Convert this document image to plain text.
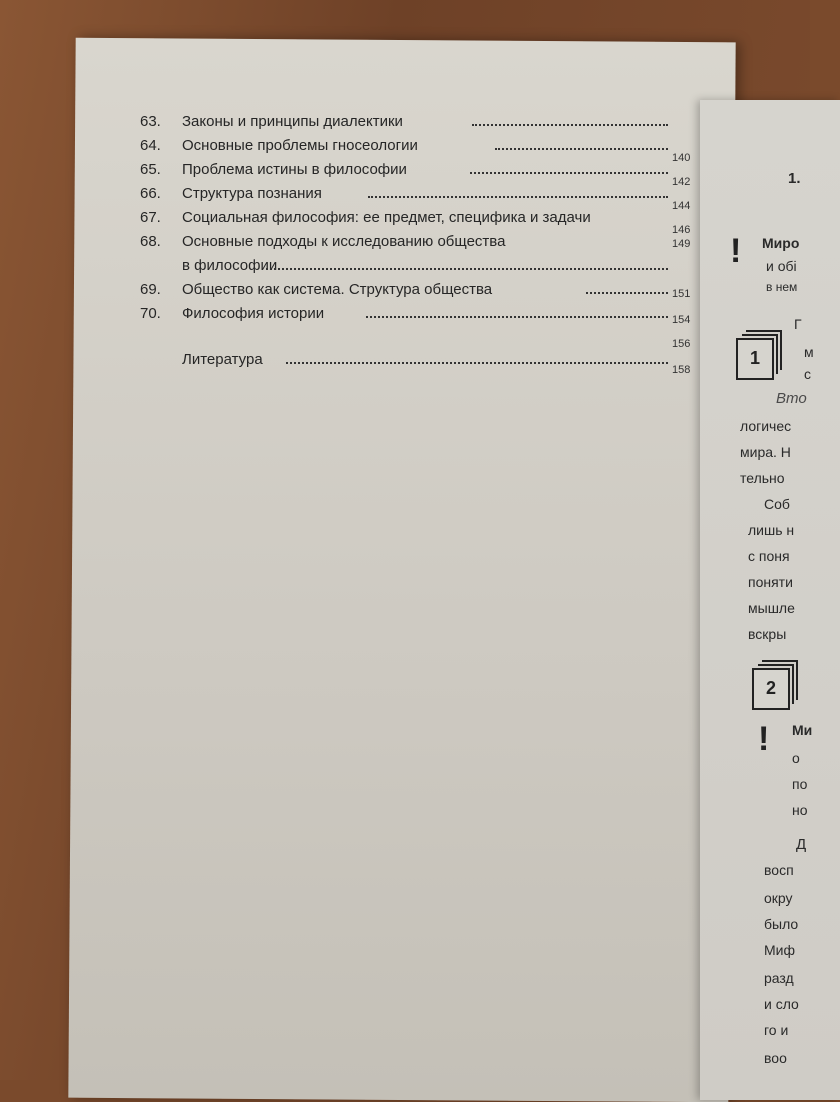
63. Законы и принципы диалектики
64. Основные проблемы гносеологии
140
65. Проблема истины в философии
142
66. Структура познания
144
67. Социальная философия: ее предмет, специфика и задачи
146
68. Основные подходы к исследованию общества
в философии
149
69. Общество как система. Структура общества	151
70. Философия истории	154
156
Литература
158
1.
! Миро
и обі
в нем
1
Г
м
с
Вто
логичес
мира. Н
тельно
Соб
лишь н
с поня
поняти
мышле
вскры
2
! Ми
о
по
но
Д
восп
окру
было
Миф
разд
и сло
го и
воо
